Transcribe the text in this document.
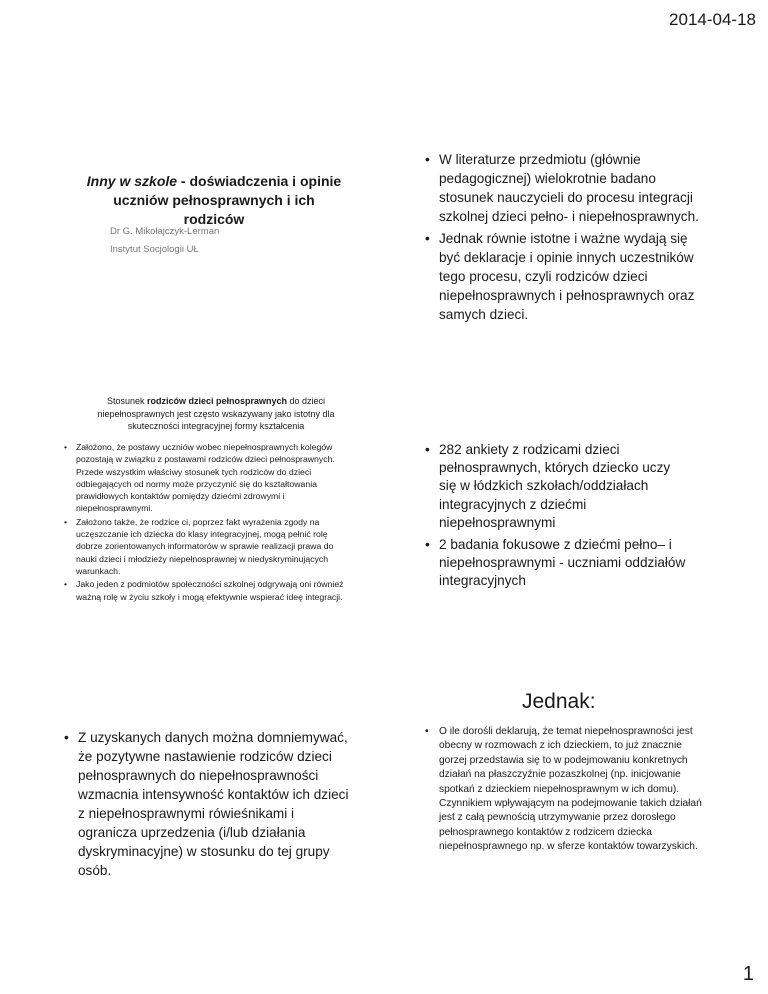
2014-04-18
Inny w szkole - doświadczenia i opinie uczniów pełnosprawnych i ich rodziców
Dr G. Mikołajczyk-Lerman
Instytut Socjologii UŁ
• W literaturze przedmiotu (głównie pedagogicznej) wielokrotnie badano stosunek nauczycieli do procesu integracji szkolnej dzieci pełno- i niepełnosprawnych.
• Jednak równie istotne i ważne wydają się być deklaracje i opinie innych uczestników tego procesu, czyli rodziców dzieci niepełnosprawnych i pełnosprawnych oraz samych dzieci.
Stosunek rodziców dzieci pełnosprawnych do dzieci niepełnosprawnych jest często wskazywany jako istotny dla skuteczności integracyjnej formy kształcenia
• Założono, że postawy uczniów wobec niepełnosprawnych kolegów pozostają w związku z postawami rodziców dzieci pełnosprawnych. Przede wszystkim właściwy stosunek tych rodziców do dzieci odbiegających od normy może przyczynić się do kształtowania prawidłowych kontaktów pomiędzy dziećmi zdrowymi i niepełnosprawnymi.
• Założono także, że rodzice ci, poprzez fakt wyrażenia zgody na uczęszczanie ich dziecka do klasy integracyjnej, mogą pełnić rolę dobrze zorientowanych informatorów w sprawie realizacji prawa do nauki dzieci i młodzieży niepełnosprawnej w niedyskryminujących warunkach.
• Jako jeden z podmiotów społeczności szkolnej odgrywają oni również ważną rolę w życiu szkoły i mogą efektywnie wspierać ideę integracji.
• 282 ankiety z rodzicami dzieci pełnosprawnych, których dziecko uczy się w łódzkich szkołach/oddziałach integracyjnych z dziećmi niepełnosprawnymi
• 2 badania fokusowe z dziećmi pełno– i niepełnosprawnymi - uczniami oddziałów integracyjnych
Jednak:
• Z uzyskanych danych można domniemywać, że pozytywne nastawienie rodziców dzieci pełnosprawnych do niepełnosprawności wzmacnia intensywność kontaktów ich dzieci z niepełnosprawnymi rówieśnikami i ogranicza uprzedzenia (i/lub działania dyskryminacyjne) w stosunku do tej grupy osób.
• O ile dorośli deklarują, że temat niepełnosprawności jest obecny w rozmowach z ich dzieckiem, to już znacznie gorzej przedstawia się to w podejmowaniu konkretnych działań na płaszczyźnie pozaszkolnej (np. inicjowanie spotkań z dzieckiem niepełnosprawnym w ich domu). Czynnikiem wpływającym na podejmowanie takich działań jest z całą pewnością utrzymywanie przez dorosłego pełnosprawnego kontaktów z rodzicem dziecka niepełnosprawnego np. w sferze kontaktów towarzyskich.
1
